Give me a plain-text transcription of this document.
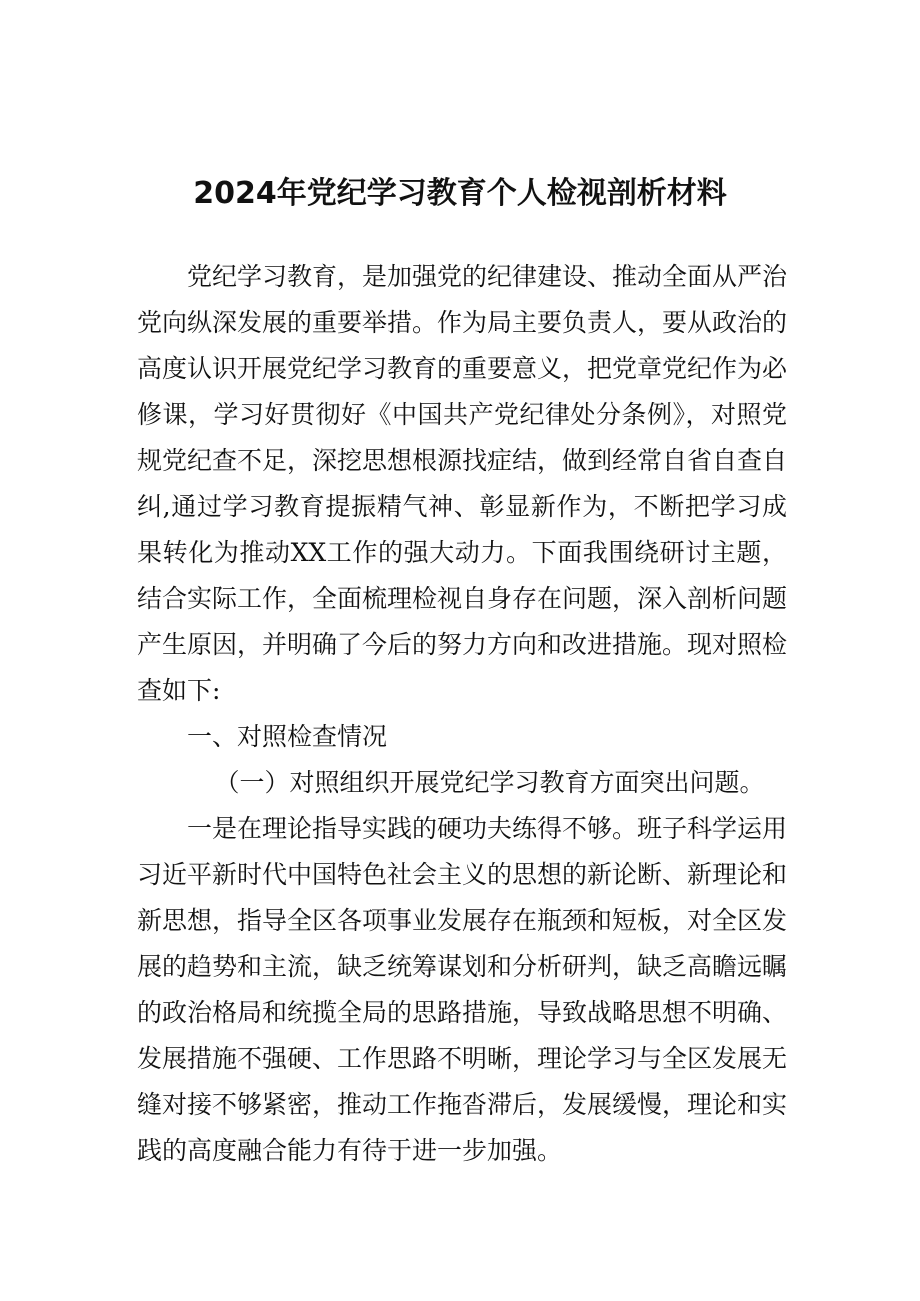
2024年党纪学习教育个人检视剖析材料

党纪学习教育，是加强党的纪律建设、推动全面从严治党向纵深发展的重要举措。作为局主要负责人，要从政治的高度认识开展党纪学习教育的重要意义，把党章党纪作为必修课，学习好贯彻好《中国共产党纪律处分条例》，对照党规党纪查不足，深挖思想根源找症结，做到经常自省自查自纠,通过学习教育提振精气神、彰显新作为，不断把学习成果转化为推动XX工作的强大动力。下面我围绕研讨主题，结合实际工作，全面梳理检视自身存在问题，深入剖析问题产生原因，并明确了今后的努力方向和改进措施。现对照检查如下:

一、对照检查情况

（一）对照组织开展党纪学习教育方面突出问题。

一是在理论指导实践的硬功夫练得不够。班子科学运用习近平新时代中国特色社会主义的思想的新论断、新理论和新思想，指导全区各项事业发展存在瓶颈和短板，对全区发展的趋势和主流，缺乏统筹谋划和分析研判，缺乏高瞻远瞩的政治格局和统揽全局的思路措施，导致战略思想不明确、发展措施不强硬、工作思路不明晰，理论学习与全区发展无缝对接不够紧密，推动工作拖沓滞后，发展缓慢，理论和实践的高度融合能力有待于进一步加强。
